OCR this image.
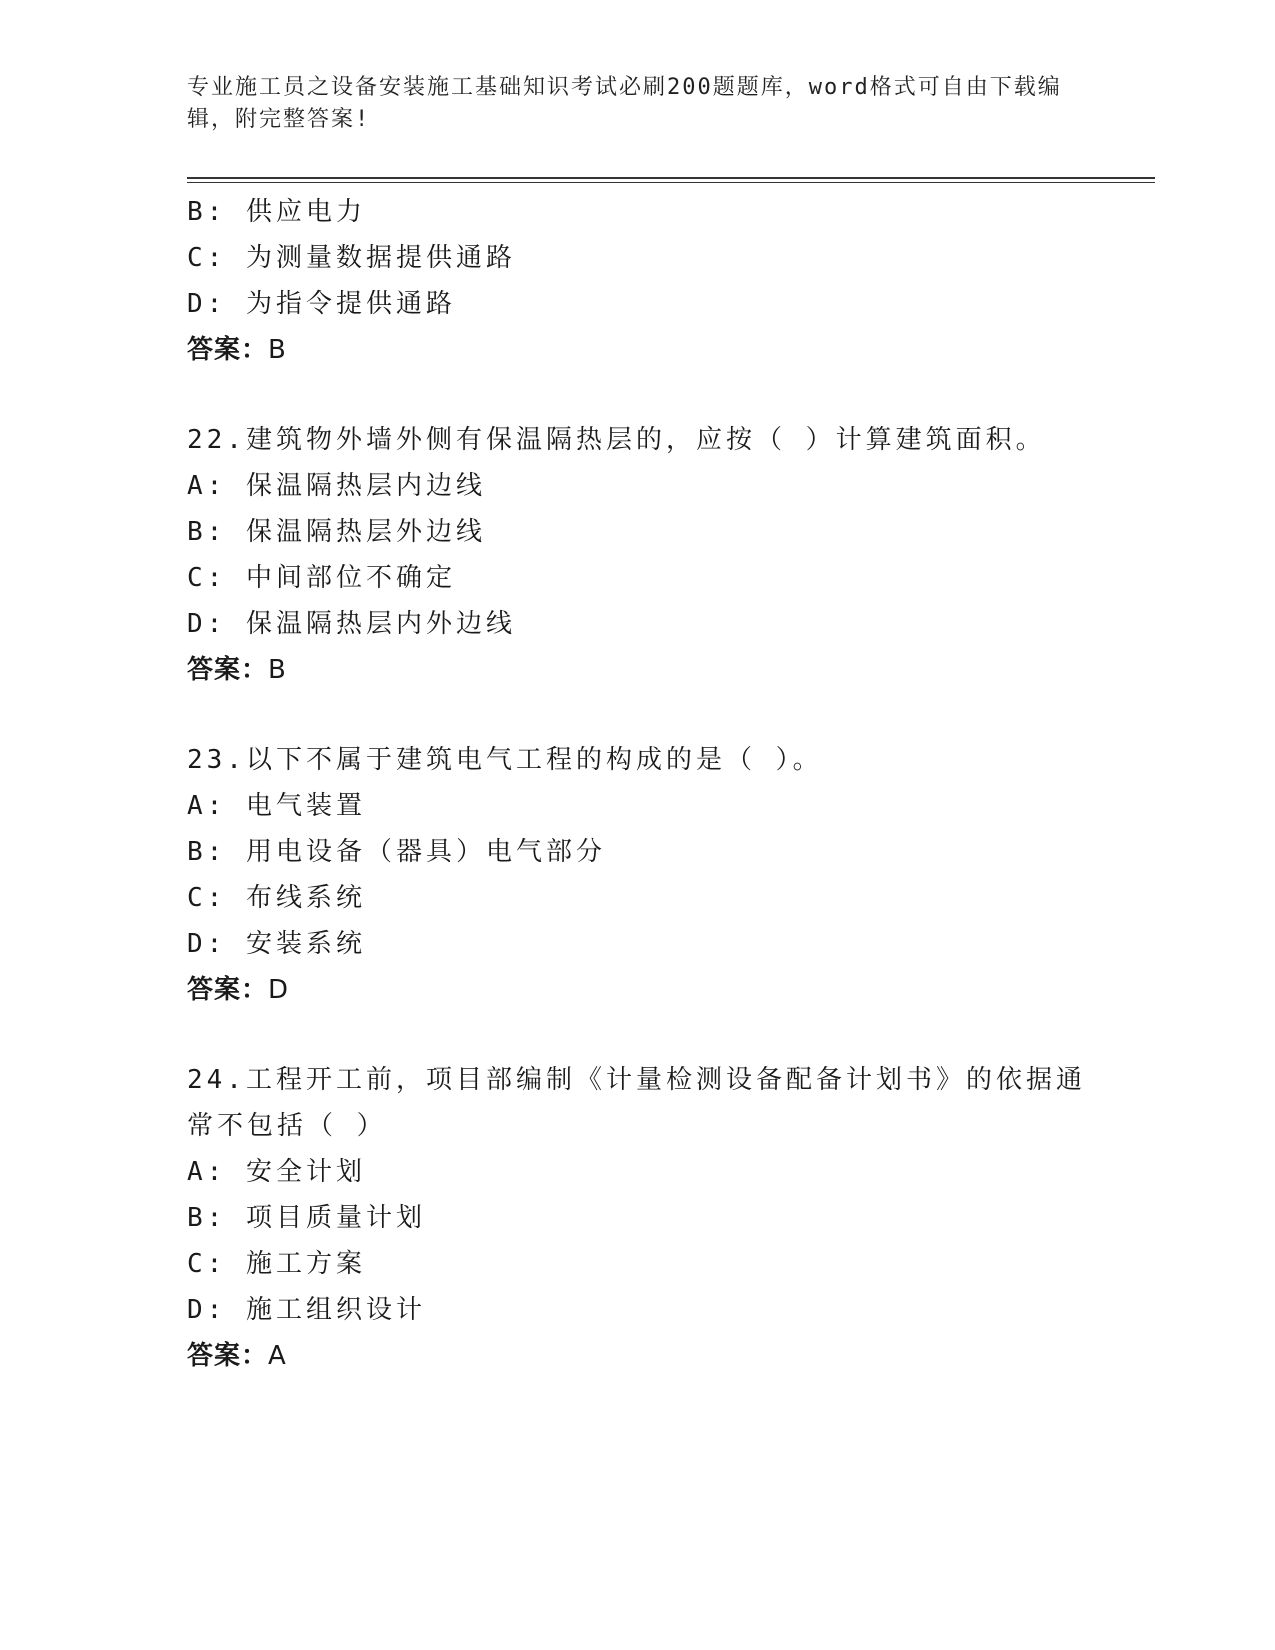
专业施工员之设备安装施工基础知识考试必刷200题题库，word格式可自由下载编辑，附完整答案!
B: 供应电力
C: 为测量数据提供通路
D: 为指令提供通路
答案：B
22.建筑物外墙外侧有保温隔热层的，应按（ ）计算建筑面积。
A: 保温隔热层内边线
B: 保温隔热层外边线
C: 中间部位不确定
D: 保温隔热层内外边线
答案：B
23.以下不属于建筑电气工程的构成的是（ ）。
A: 电气装置
B: 用电设备（器具）电气部分
C: 布线系统
D: 安装系统
答案：D
24.工程开工前，项目部编制《计量检测设备配备计划书》的依据通常不包括（ ）
A: 安全计划
B: 项目质量计划
C: 施工方案
D: 施工组织设计
答案：A
